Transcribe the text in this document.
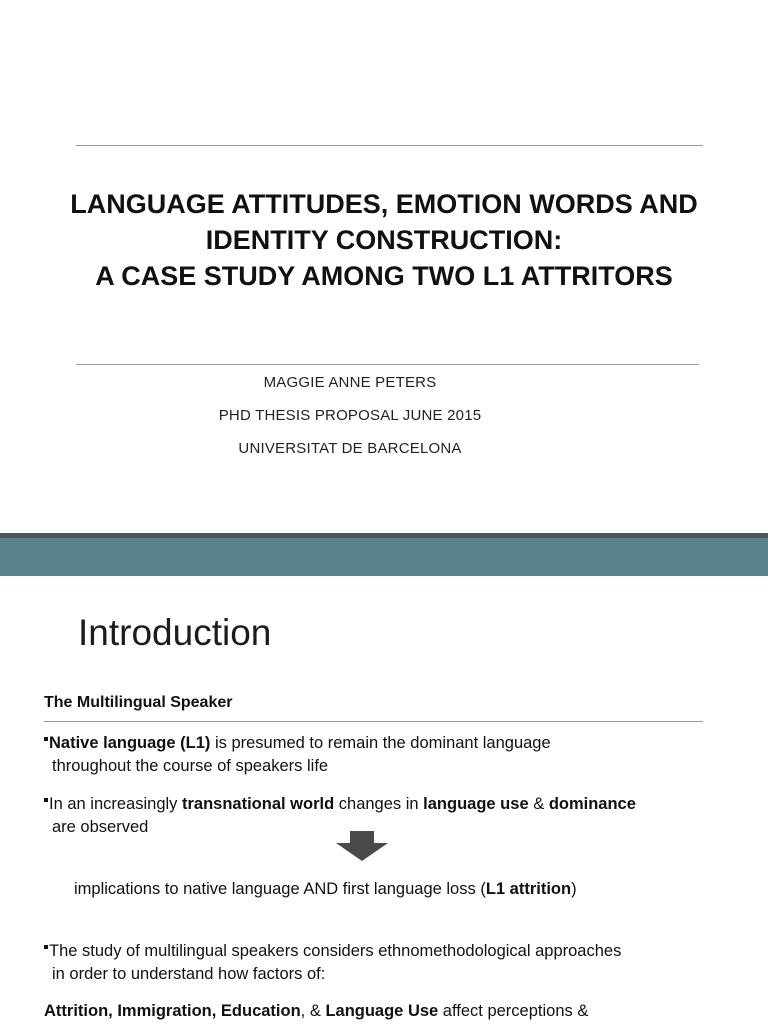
LANGUAGE ATTITUDES, EMOTION WORDS AND
IDENTITY CONSTRUCTION:
A CASE STUDY AMONG TWO L1 ATTRITORS
MAGGIE ANNE PETERS
PHD THESIS PROPOSAL JUNE 2015
UNIVERSITAT DE BARCELONA
Introduction
The Multilingual Speaker
Native language (L1) is presumed to remain the dominant language
throughout the course of speakers life
In an increasingly transnational world changes in language use & dominance
are observed
implications to native language AND first language loss (L1 attrition)
The study of multilingual speakers considers ethnomethodological approaches
in order to understand how factors of:
Attrition, Immigration, Education, & Language Use affect perceptions &
